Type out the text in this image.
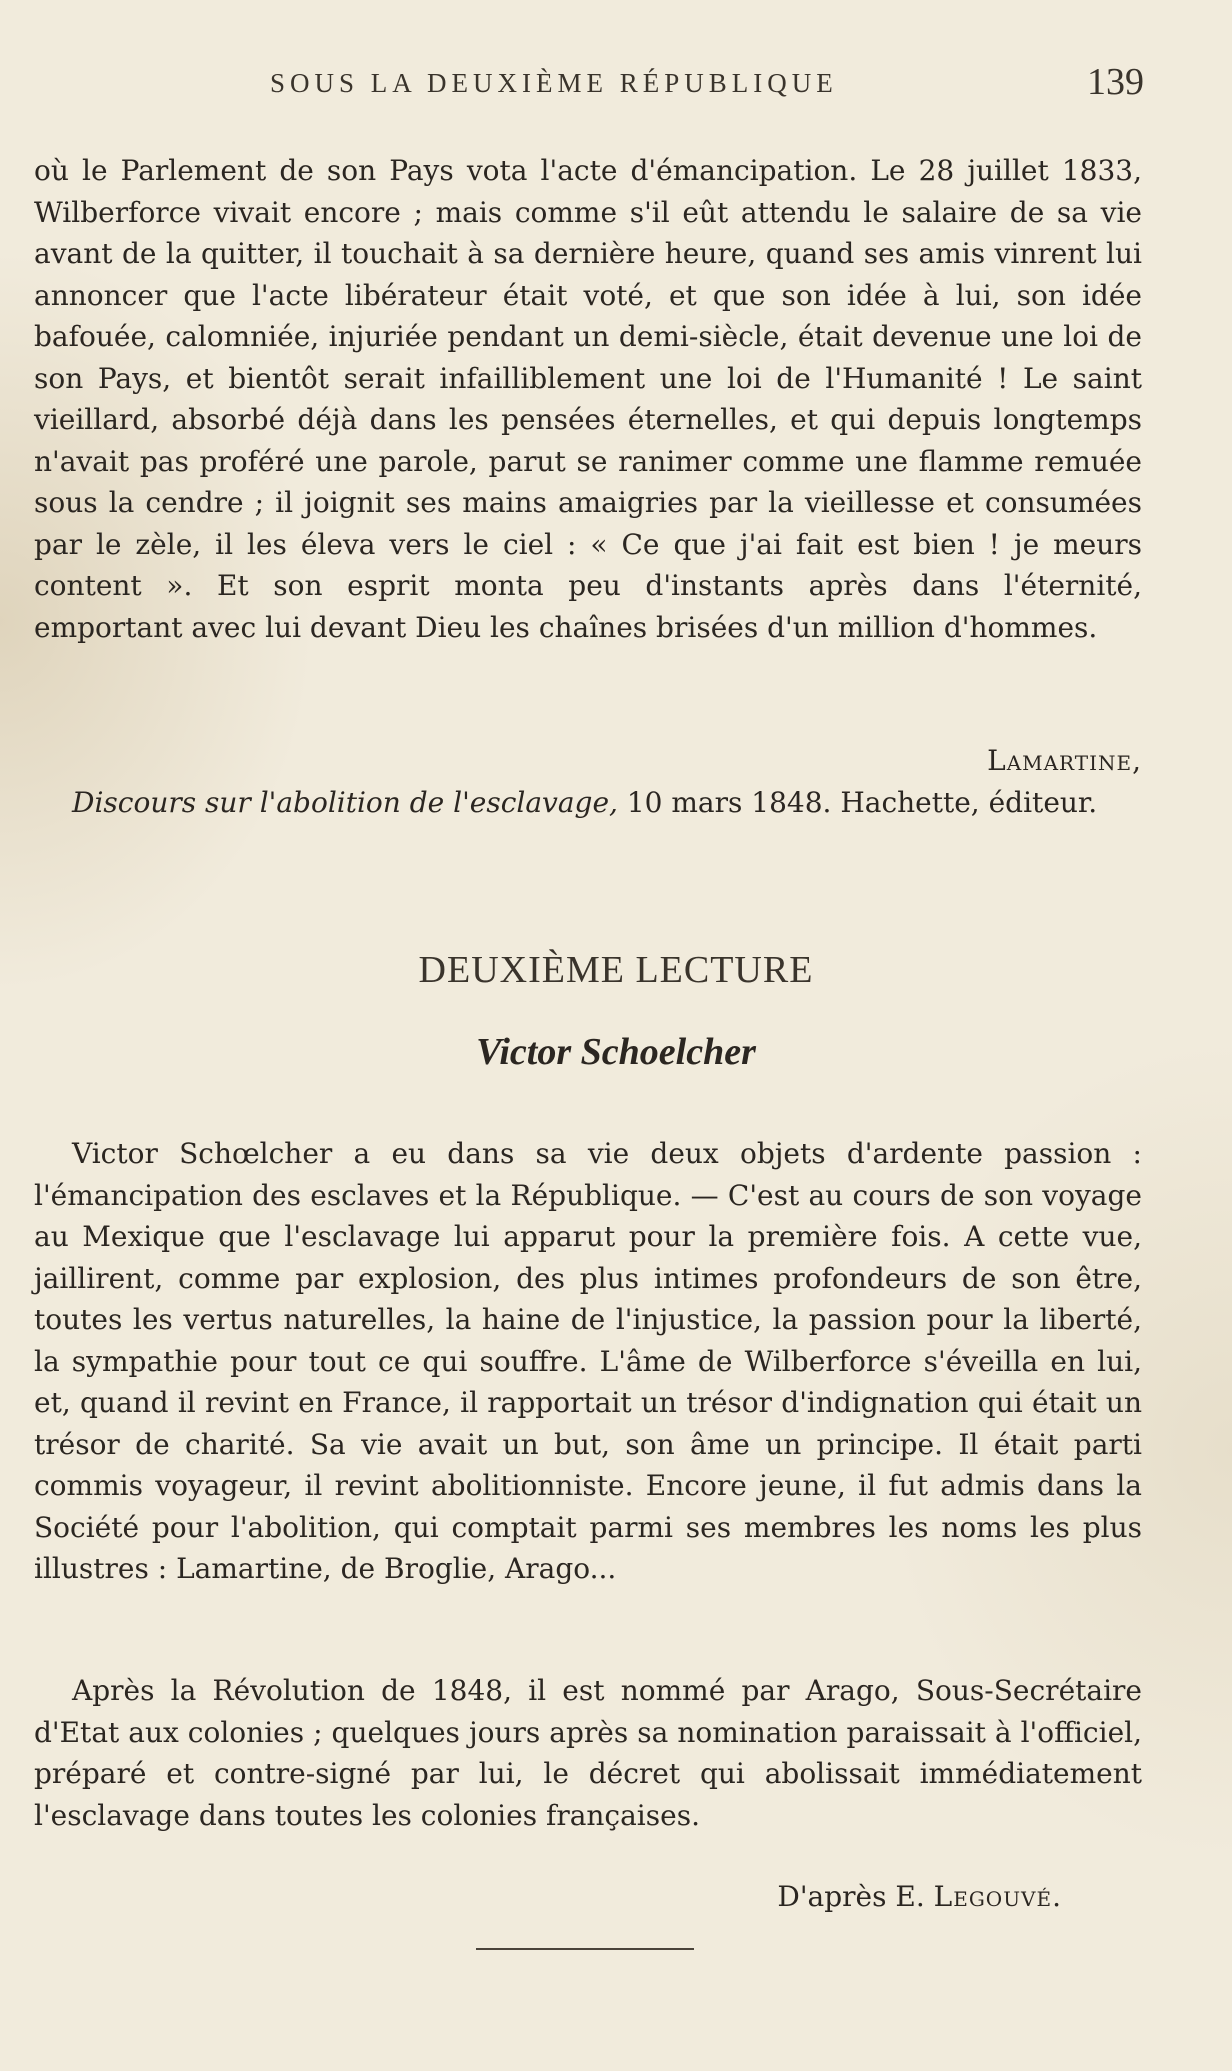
SOUS LA DEUXIÈME RÉPUBLIQUE	139

où le Parlement de son Pays vota l'acte d'émancipation. Le 28 juillet 1833, Wilberforce vivait encore ; mais comme s'il eût attendu le salaire de sa vie avant de la quitter, il touchait à sa dernière heure, quand ses amis vinrent lui annoncer que l'acte libérateur était voté, et que son idée à lui, son idée bafouée, calomniée, injuriée pendant un demi-siècle, était devenue une loi de son Pays, et bientôt serait infailliblement une loi de l'Humanité ! Le saint vieillard, absorbé déjà dans les pensées éternelles, et qui depuis longtemps n'avait pas proféré une parole, parut se ranimer comme une flamme remuée sous la cendre ; il joignit ses mains amaigries par la vieillesse et consumées par le zèle, il les éleva vers le ciel : « Ce que j'ai fait est bien ! je meurs content ». Et son esprit monta peu d'instants après dans l'éternité, emportant avec lui devant Dieu les chaînes brisées d'un million d'hommes.

Lamartine,
Discours sur l'abolition de l'esclavage, 10 mars 1848. Hachette, éditeur.
DEUXIÈME LECTURE
Victor Schoelcher

Victor Schœlcher a eu dans sa vie deux objets d'ardente passion : l'émancipation des esclaves et la République. — C'est au cours de son voyage au Mexique que l'esclavage lui apparut pour la première fois. A cette vue, jaillirent, comme par explosion, des plus intimes profondeurs de son être, toutes les vertus naturelles, la haine de l'injustice, la passion pour la liberté, la sympathie pour tout ce qui souffre. L'âme de Wilberforce s'éveilla en lui, et, quand il revint en France, il rapportait un trésor d'indignation qui était un trésor de charité. Sa vie avait un but, son âme un principe. Il était parti commis voyageur, il revint abolitionniste. Encore jeune, il fut admis dans la Société pour l'abolition, qui comptait parmi ses membres les noms les plus illustres : Lamartine, de Broglie, Arago...

Après la Révolution de 1848, il est nommé par Arago, Sous-Secrétaire d'Etat aux colonies ; quelques jours après sa nomination paraissait à l'officiel, préparé et contre-signé par lui, le décret qui abolissait immédiatement l'esclavage dans toutes les colonies françaises.

D'après E. Legouvé.
